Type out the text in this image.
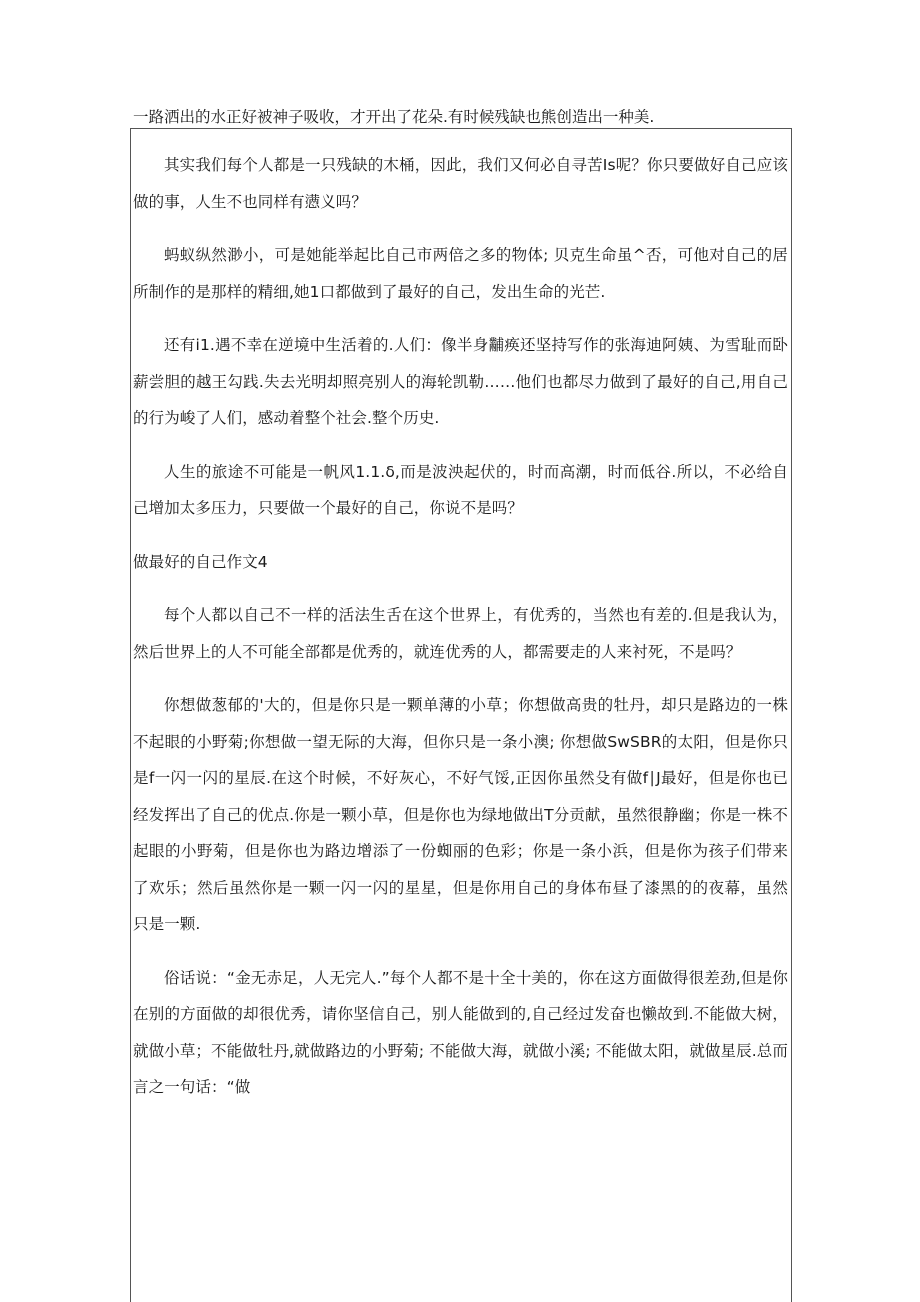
一路洒出的水正好被神子吸收，才开出了花朵.有时候残缺也熊创造出一种美.

其实我们每个人都是一只残缺的木桶，因此，我们又何必自寻苦Is呢？你只要做好自己应该做的事，人生不也同样有懑义吗？

蚂蚁纵然渺小，可是她能举起比自己市两倍之多的物体; 贝克生命虽^否，可他对自己的居所制作的是那样的精细,她1口都做到了最好的自己，发出生命的光芒.

还有i1.遇不幸在逆境中生活着的.人们：像半身黼痪还坚持写作的张海迪阿姨、为雪耻而卧薪尝胆的越王勾践.失去光明却照亮别人的海轮凯勒……他们也都尽力做到了最好的自己,用自己的行为峻了人们，感动着整个社会.整个历史.

人生的旅途不可能是一帆风1.1.δ,而是波泱起伏的，时而高潮，时而低谷.所以，不必给自己增加太多压力，只要做一个最好的自己，你说不是吗？

做最好的自己作文4

每个人都以自己不一样的活法生舌在这个世界上，有优秀的，当然也有差的.但是我认为，然后世界上的人不可能全部都是优秀的，就连优秀的人，都需要走的人来衬死，不是吗？

你想做葱郁的'大的，但是你只是一颗单薄的小草；你想做高贵的牡丹，却只是路边的一株不起眼的小野菊;你想做一望无际的大海，但你只是一条小澳; 你想做SwSBR的太阳，但是你只是f一闪一闪的星辰.在这个时候，不好灰心，不好气馁,正因你虽然殳有做f∣J最好，但是你也已经发挥出了自己的优点.你是一颗小草，但是你也为绿地做出T分贡献，虽然很静幽；你是一株不起眼的小野菊，但是你也为路边增添了一份蜘丽的色彩；你是一条小浜，但是你为孩子们带来了欢乐；然后虽然你是一颗一闪一闪的星星，但是你用自己的身体布昼了漆黑的的夜幕，虽然只是一颗.

俗话说：“金无赤足，人无完人.”每个人都不是十全十美的，你在这方面做得很差劲,但是你在别的方面做的却很优秀，请你坚信自己，别人能做到的,自己经过发奋也懒故到.不能做大树，就做小草；不能做牡丹,就做路边的小野菊; 不能做大海，就做小溪; 不能做太阳，就做星辰.总而言之一句话：“做
